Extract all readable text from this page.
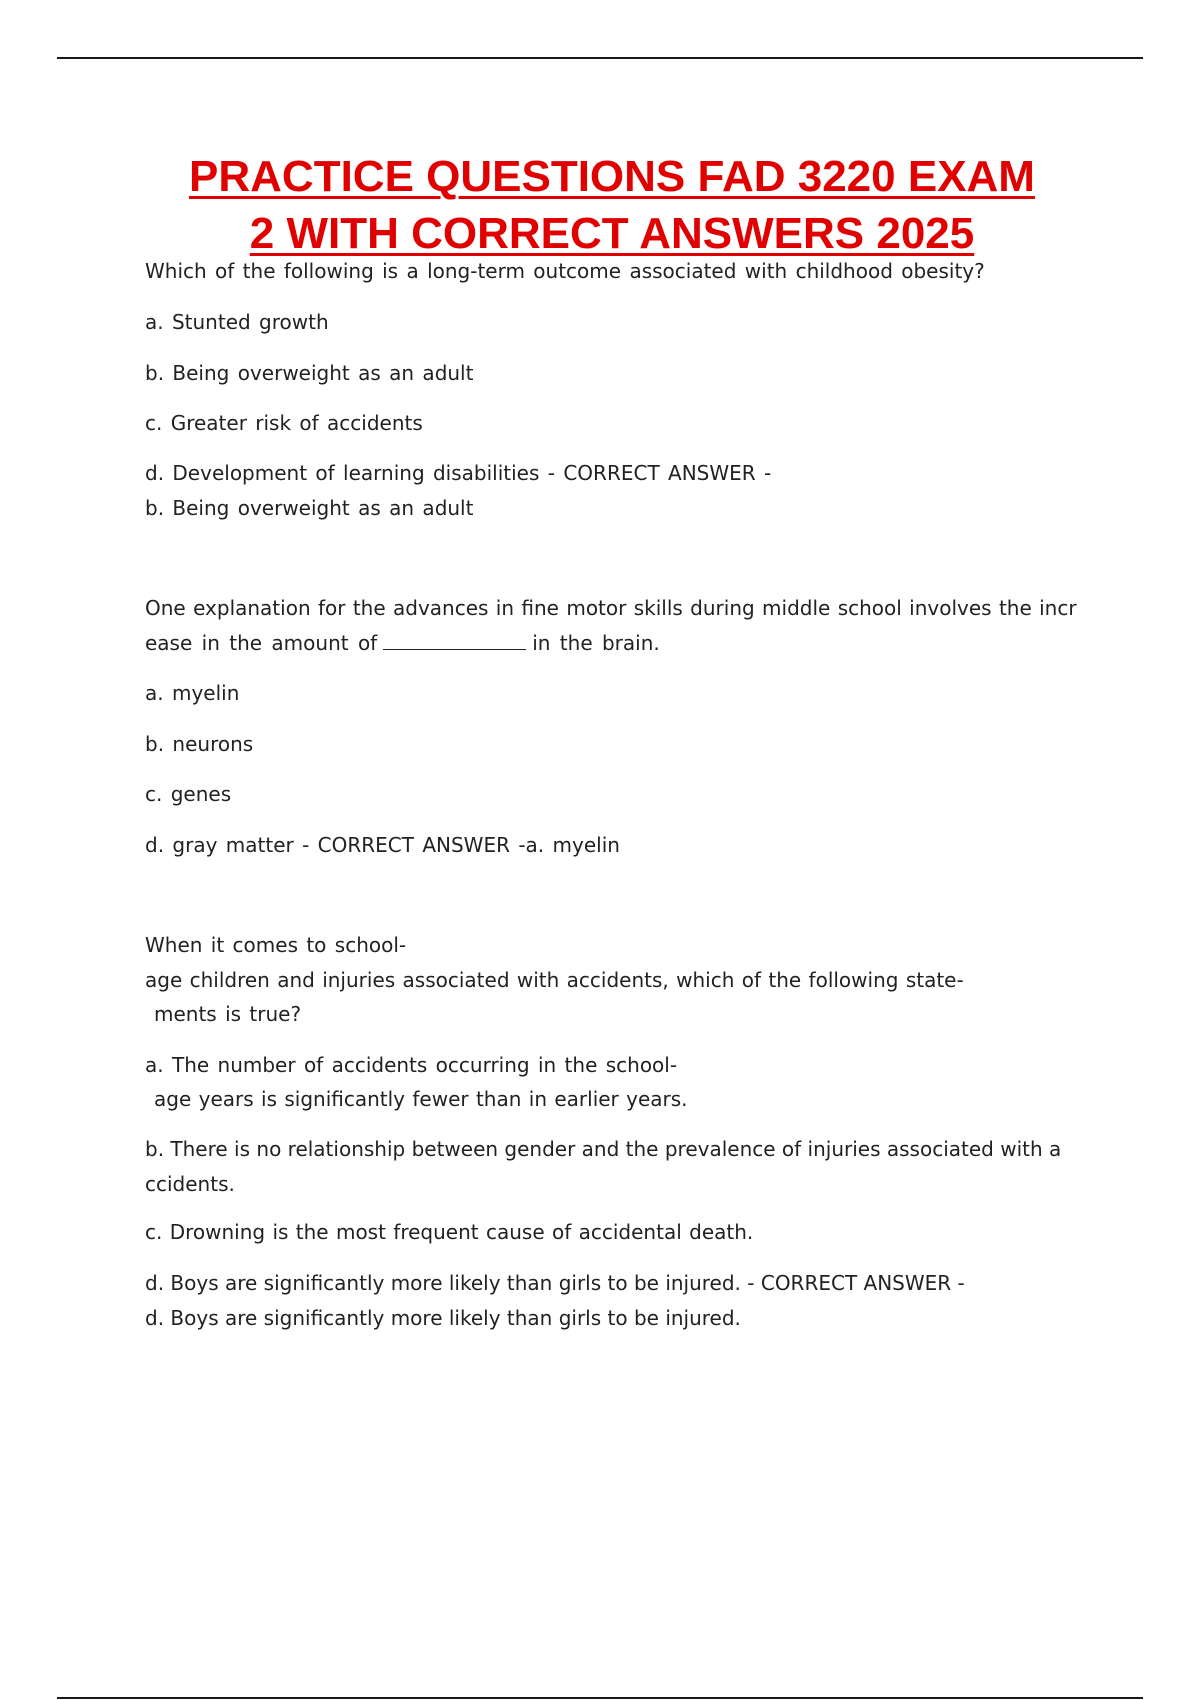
PRACTICE QUESTIONS FAD 3220 EXAM
2 WITH CORRECT ANSWERS 2025

Which of the following is a long-term outcome associated with childhood obesity?

a. Stunted growth

b. Being overweight as an adult

c. Greater risk of accidents

d. Development of learning disabilities - CORRECT ANSWER -

b. Being overweight as an adult

One explanation for the advances in fine motor skills during middle school involves the incr

ease in the amount of	in the brain.

a. myelin

b. neurons

c. genes

d. gray matter - CORRECT ANSWER -a. myelin

When it comes to school-

age children and injuries associated with accidents, which of the following state-

ments is true?

a. The number of accidents occurring in the school-

age years is significantly fewer than in earlier years.

b. There is no relationship between gender and the prevalence of injuries associated with a

ccidents.

c. Drowning is the most frequent cause of accidental death.

d. Boys are significantly more likely than girls to be injured. - CORRECT ANSWER -

d. Boys are significantly more likely than girls to be injured.
